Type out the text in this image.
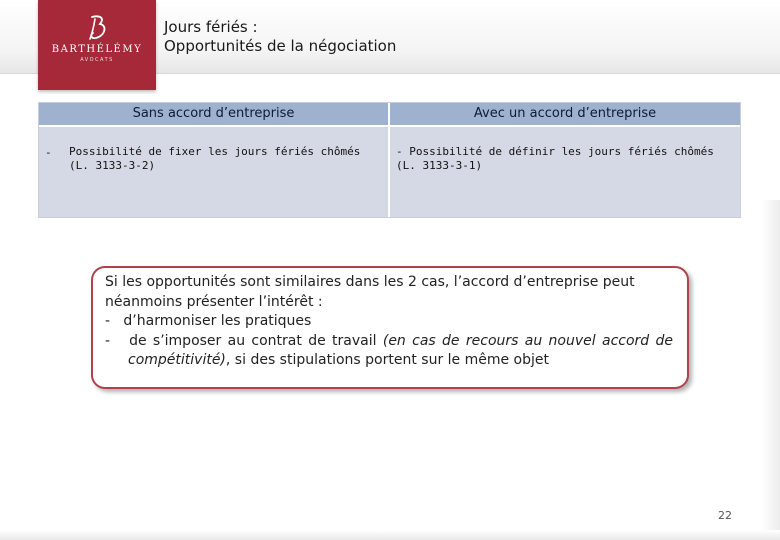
BARTHÉLÉMY
AVOCATS
Jours fériés :
Opportunités de la négociation
Sans accord d’entreprise	Avec un accord d’entreprise
- Possibilité de fixer les jours fériés chômés (L. 3133-3-2)
- Possibilité de définir les jours fériés chômés (L. 3133-3-1)
Si les opportunités sont similaires dans les 2 cas, l’accord d’entreprise peut néanmoins présenter l’intérêt :
- d’harmoniser les pratiques
- de s’imposer au contrat de travail (en cas de recours au nouvel accord de compétitivité), si des stipulations portent sur le même objet
22
